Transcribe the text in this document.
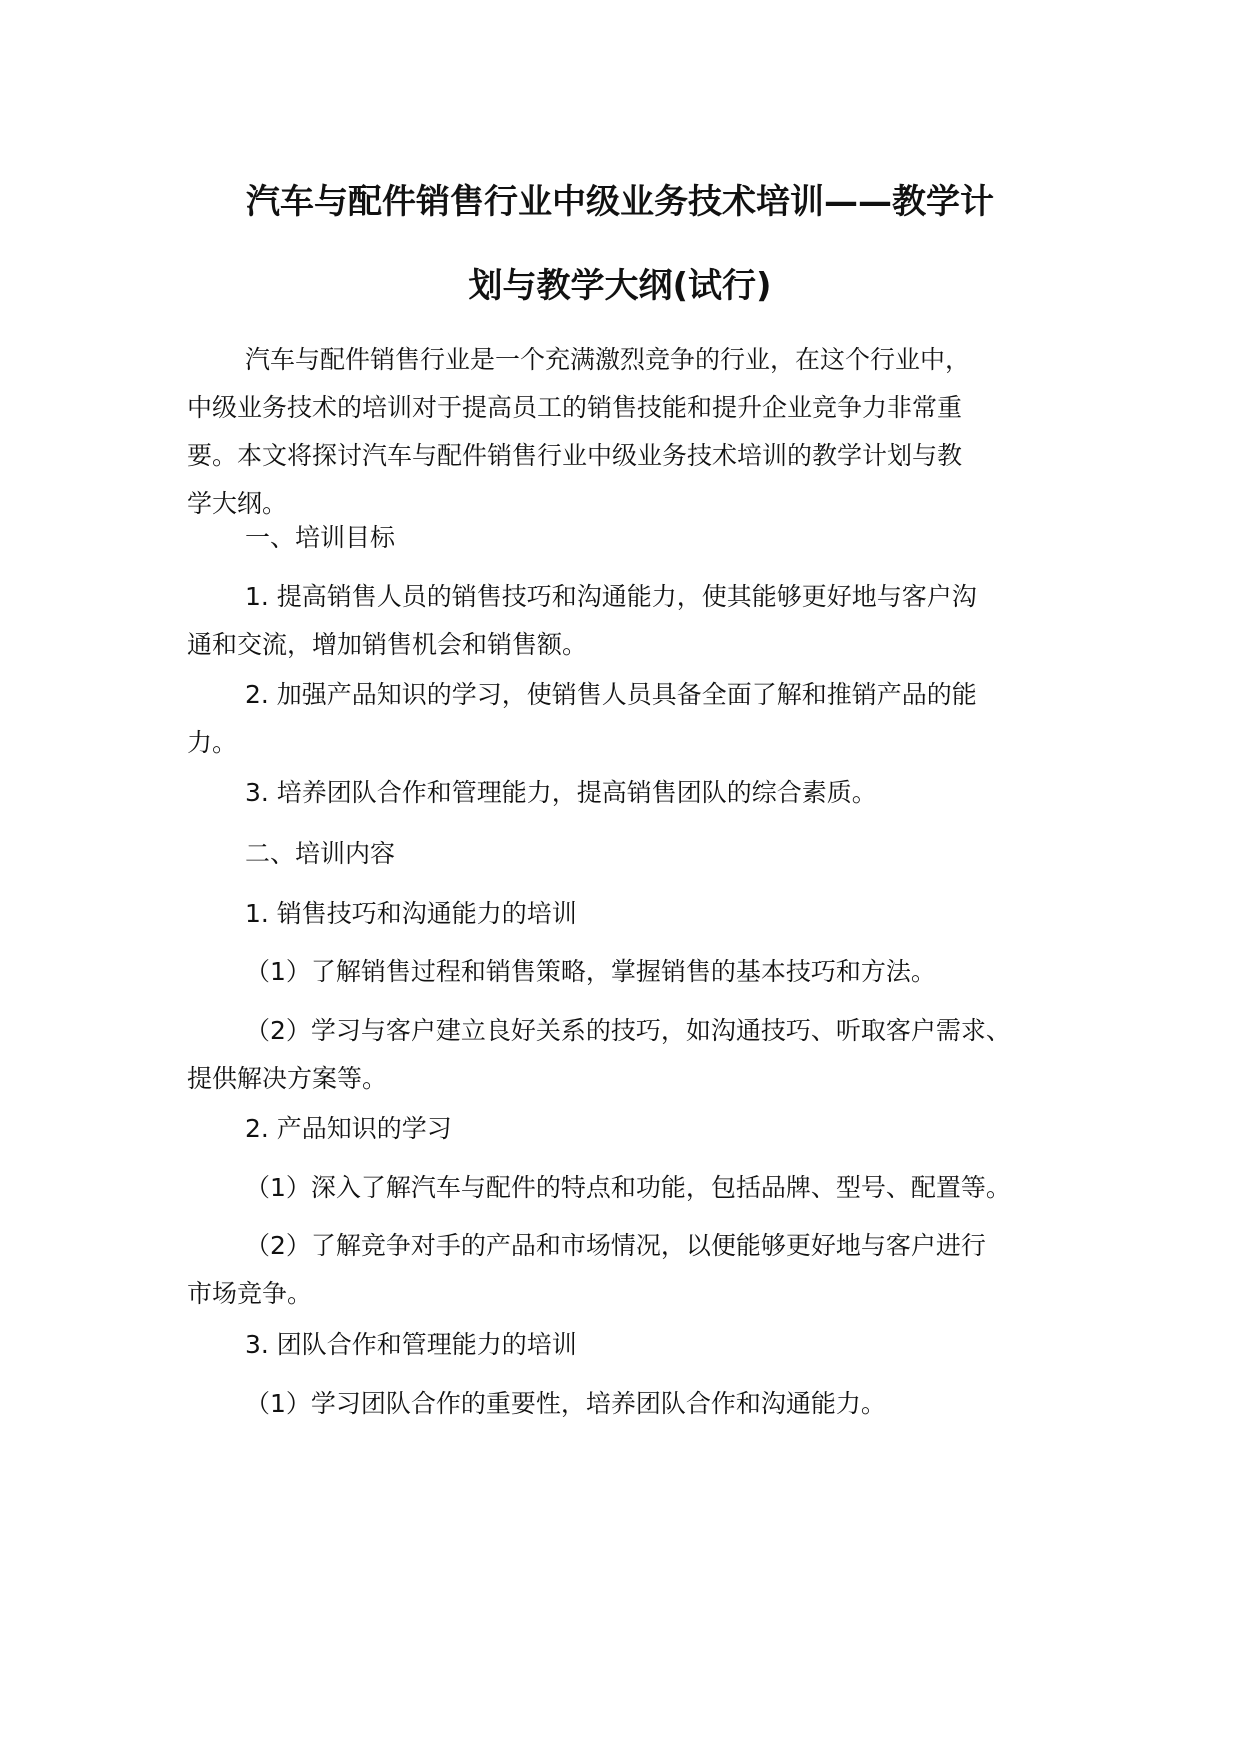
汽车与配件销售行业中级业务技术培训——教学计
划与教学大纲(试行)
汽车与配件销售行业是一个充满激烈竞争的行业，在这个行业中，
中级业务技术的培训对于提高员工的销售技能和提升企业竞争力非常重
要。本文将探讨汽车与配件销售行业中级业务技术培训的教学计划与教
学大纲。
一、培训目标
1. 提高销售人员的销售技巧和沟通能力，使其能够更好地与客户沟
通和交流，增加销售机会和销售额。
2. 加强产品知识的学习，使销售人员具备全面了解和推销产品的能
力。
3. 培养团队合作和管理能力，提高销售团队的综合素质。
二、培训内容
1. 销售技巧和沟通能力的培训
（1）了解销售过程和销售策略，掌握销售的基本技巧和方法。
（2）学习与客户建立良好关系的技巧，如沟通技巧、听取客户需求、
提供解决方案等。
2. 产品知识的学习
（1）深入了解汽车与配件的特点和功能，包括品牌、型号、配置等。
（2）了解竞争对手的产品和市场情况，以便能够更好地与客户进行
市场竞争。
3. 团队合作和管理能力的培训
（1）学习团队合作的重要性，培养团队合作和沟通能力。
